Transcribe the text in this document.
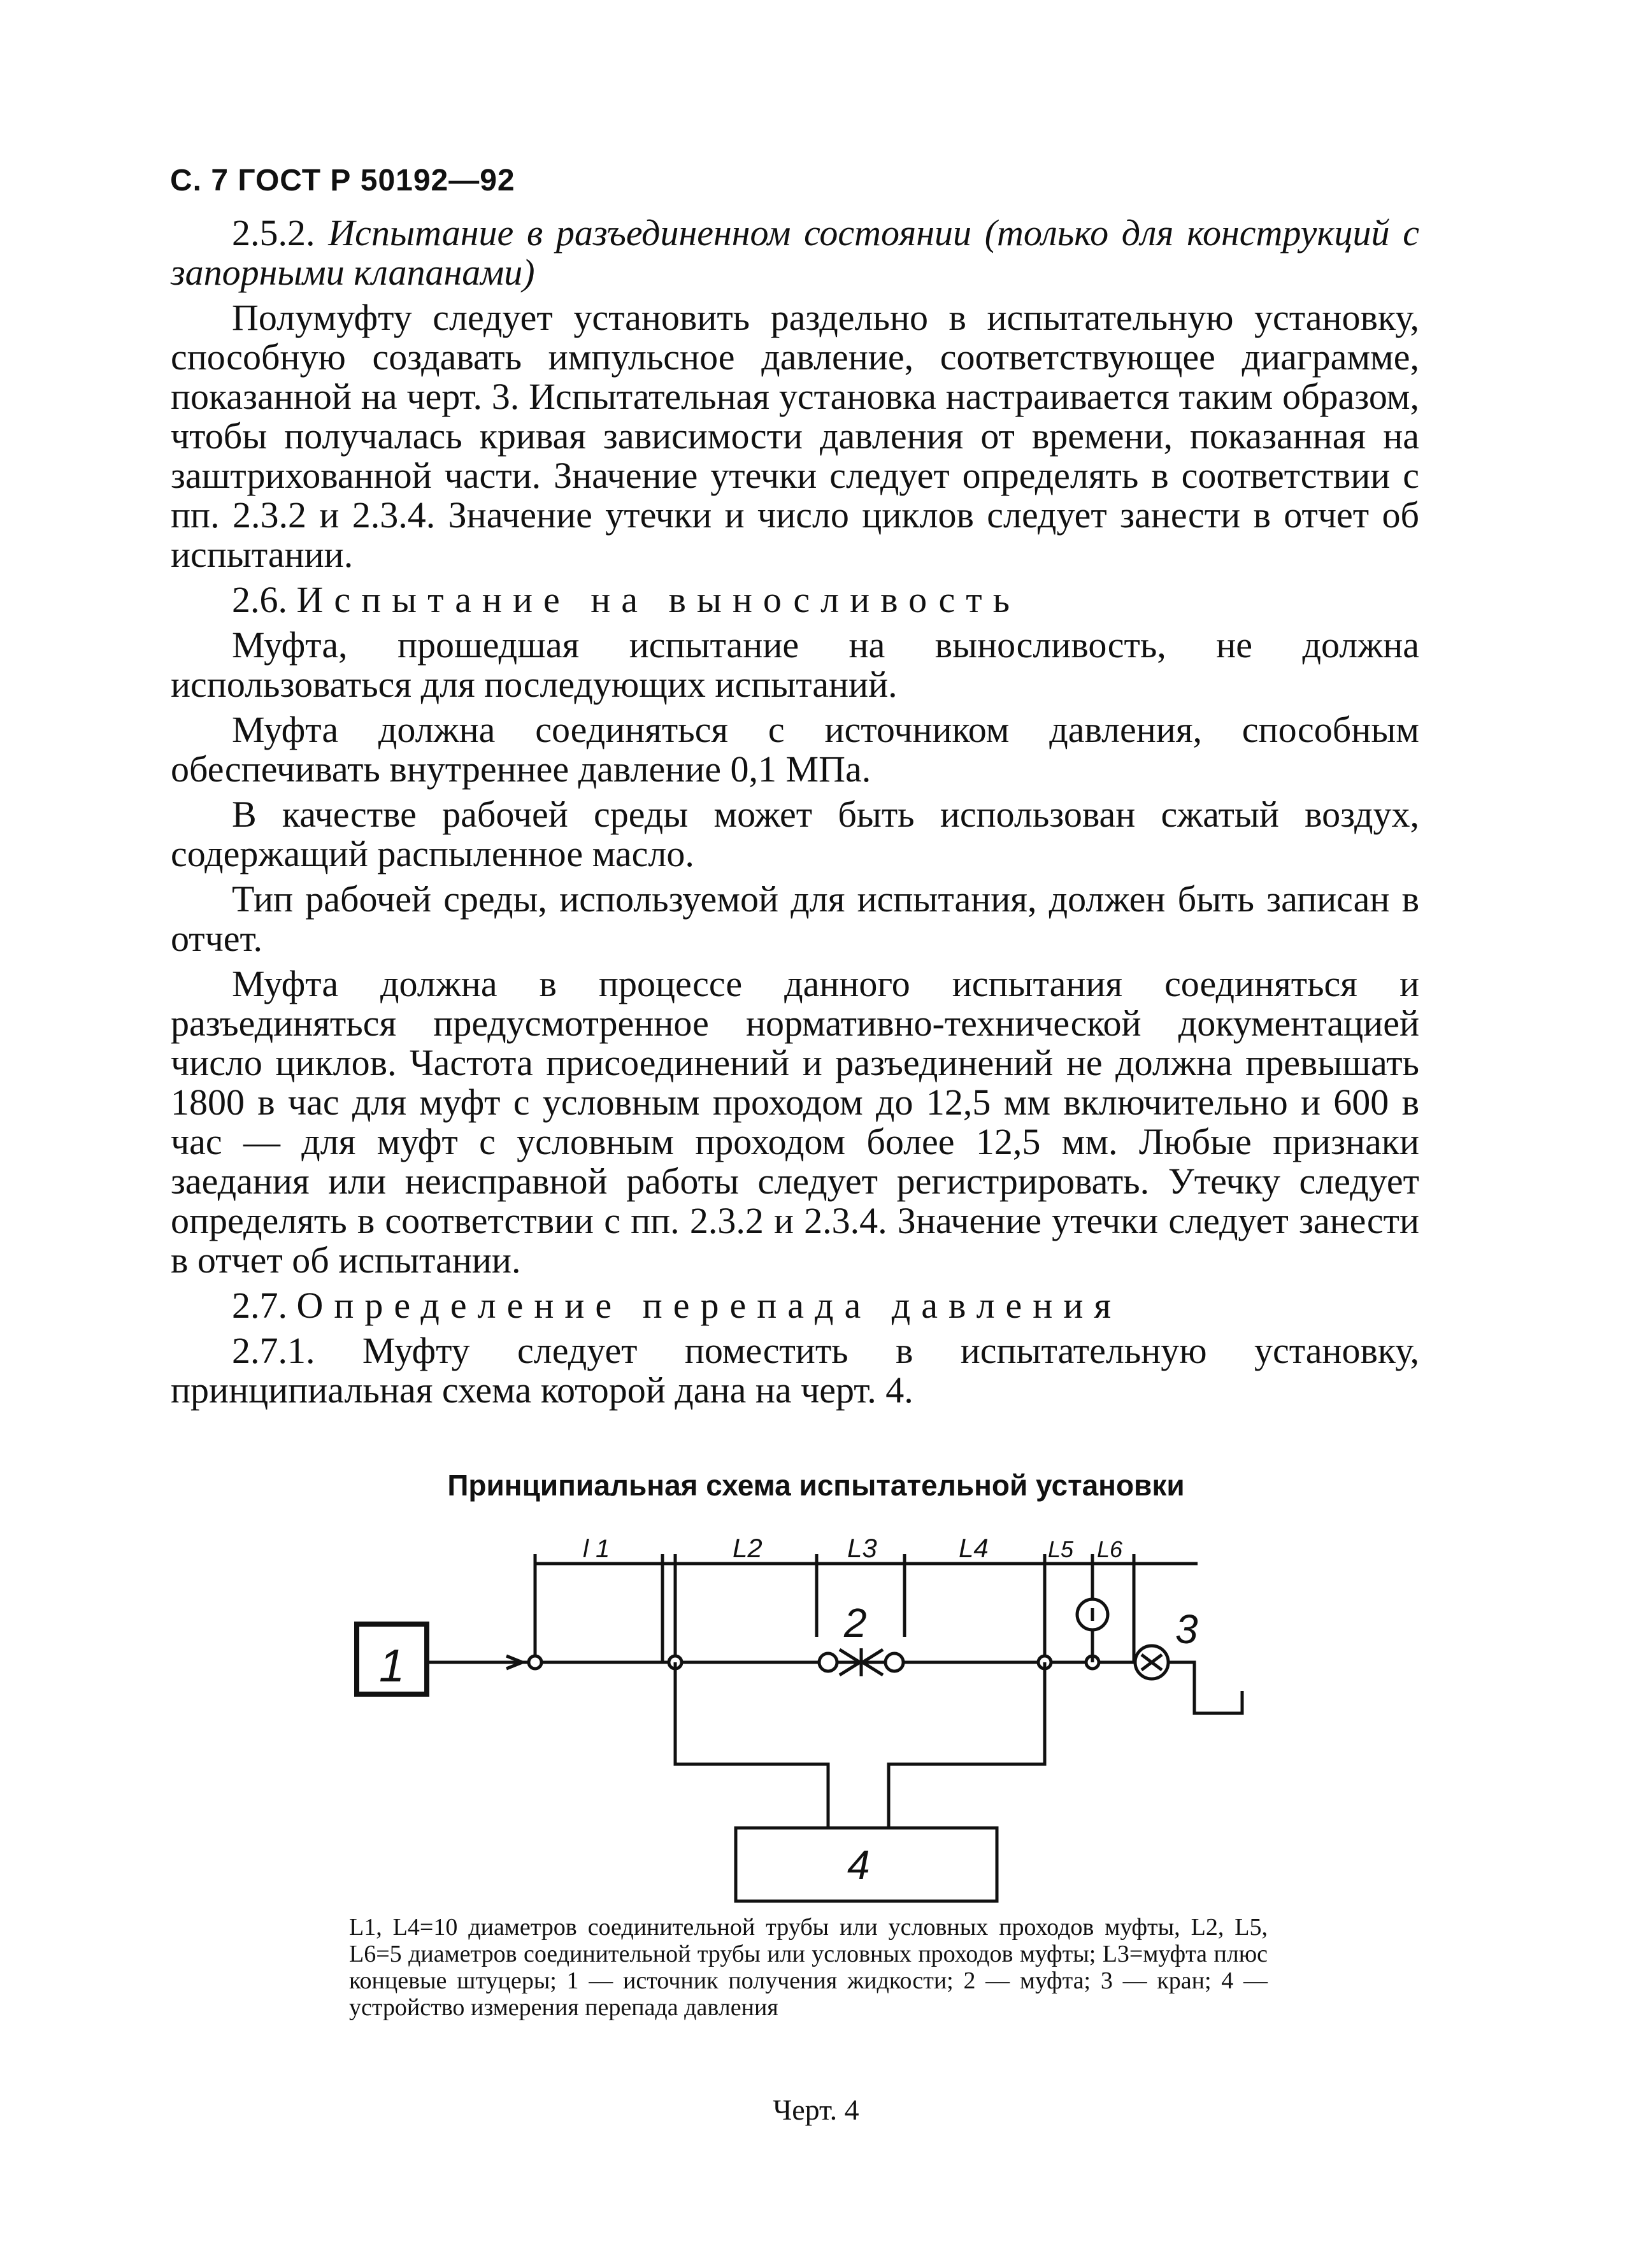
С. 7 ГОСТ Р 50192—92

2.5.2. Испытание в разъединенном состоянии (только для конструкций с запорными клапанами)

Полумуфту следует установить раздельно в испытательную установку, способную создавать импульсное давление, соответствующее диаграмме, показанной на черт. 3. Испытательная установка настраивается таким образом, чтобы получалась кривая зависимости давления от времени, показанная на заштрихованной части. Значение утечки следует определять в соответствии с пп. 2.3.2 и 2.3.4. Значение утечки и число циклов следует занести в отчет об испытании.

2.6. Испытание на выносливость

Муфта, прошедшая испытание на выносливость, не должна использоваться для последующих испытаний.

Муфта должна соединяться с источником давления, способным обеспечивать внутреннее давление 0,1 МПа.

В качестве рабочей среды может быть использован сжатый воздух, содержащий распыленное масло.

Тип рабочей среды, используемой для испытания, должен быть записан в отчет.

Муфта должна в процессе данного испытания соединяться и разъединяться предусмотренное нормативно-технической документацией число циклов. Частота присоединений и разъединений не должна превышать 1800 в час для муфт с условным проходом до 12,5 мм включительно и 600 в час — для муфт с условным проходом более 12,5 мм. Любые признаки заедания или неисправной работы следует регистрировать. Утечку следует определять в соответствии с пп. 2.3.2 и 2.3.4. Значение утечки следует занести в отчет об испытании.

2.7. Определение перепада давления

2.7.1. Муфту следует поместить в испытательную установку, принципиальная схема которой дана на черт. 4.

Принципиальная схема испытательной установки
1
2	3
4
l 1	L2	L3	L4	L5 L6
L1, L4=10 диаметров соединительной трубы или условных проходов муфты, L2, L5, L6=5 диаметров соединительной трубы или условных проходов муфты; L3=муфта плюс концевые штуцеры; 1 — источник получения жидкости; 2 — муфта; 3 — кран; 4 — устройство измерения перепада давления
Черт. 4
